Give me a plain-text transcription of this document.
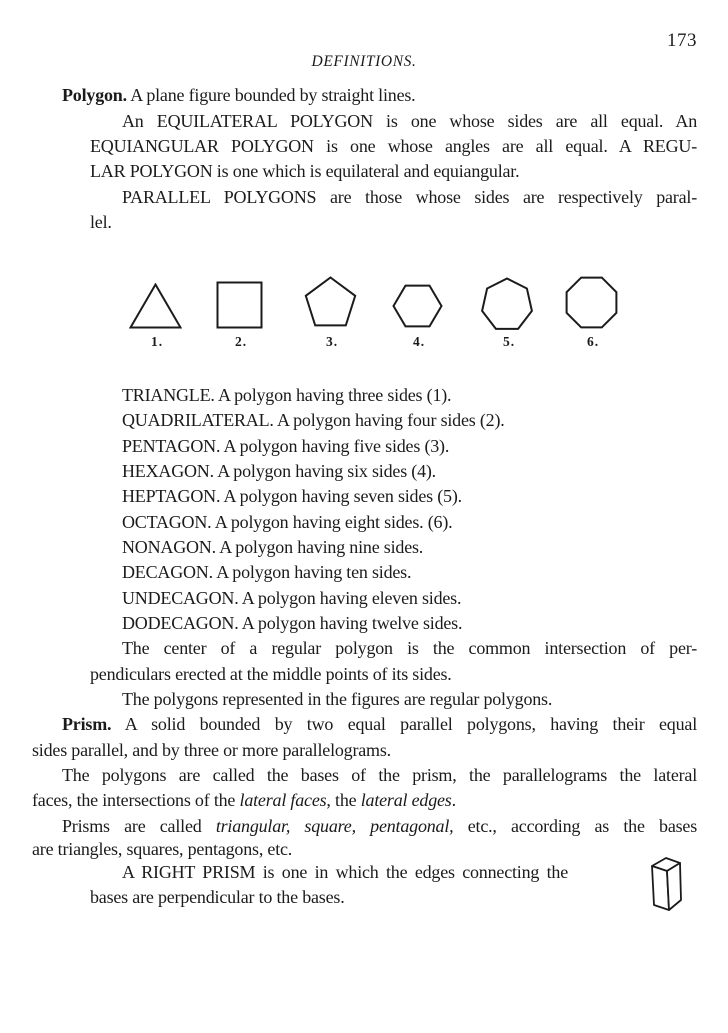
173
DEFINITIONS.
Polygon. A plane figure bounded by straight lines.
An EQUILATERAL POLYGON is one whose sides are all equal. An
EQUIANGULAR POLYGON is one whose angles are all equal. A REGU-
LAR POLYGON is one which is equilateral and equiangular.
PARALLEL POLYGONS are those whose sides are respectively paral-
lel.
TRIANGLE. A polygon having three sides (1).
QUADRILATERAL. A polygon having four sides (2).
PENTAGON. A polygon having five sides (3).
HEXAGON. A polygon having six sides (4).
HEPTAGON. A polygon having seven sides (5).
OCTAGON. A polygon having eight sides. (6).
NONAGON. A polygon having nine sides.
DECAGON. A polygon having ten sides.
UNDECAGON. A polygon having eleven sides.
DODECAGON. A polygon having twelve sides.
The center of a regular polygon is the common intersection of per-
pendiculars erected at the middle points of its sides.
The polygons represented in the figures are regular polygons.
Prism. A solid bounded by two equal parallel polygons, having their equal
sides parallel, and by three or more parallelograms.
The polygons are called the bases of the prism, the parallelograms the lateral
faces, the intersections of the lateral faces, the lateral edges.
Prisms are called triangular, square, pentagonal, etc., according as the bases
are triangles, squares, pentagons, etc.
A RIGHT PRISM is one in which the edges connecting the
bases are perpendicular to the bases.
1.	2.	3.	4.	5.	6.
